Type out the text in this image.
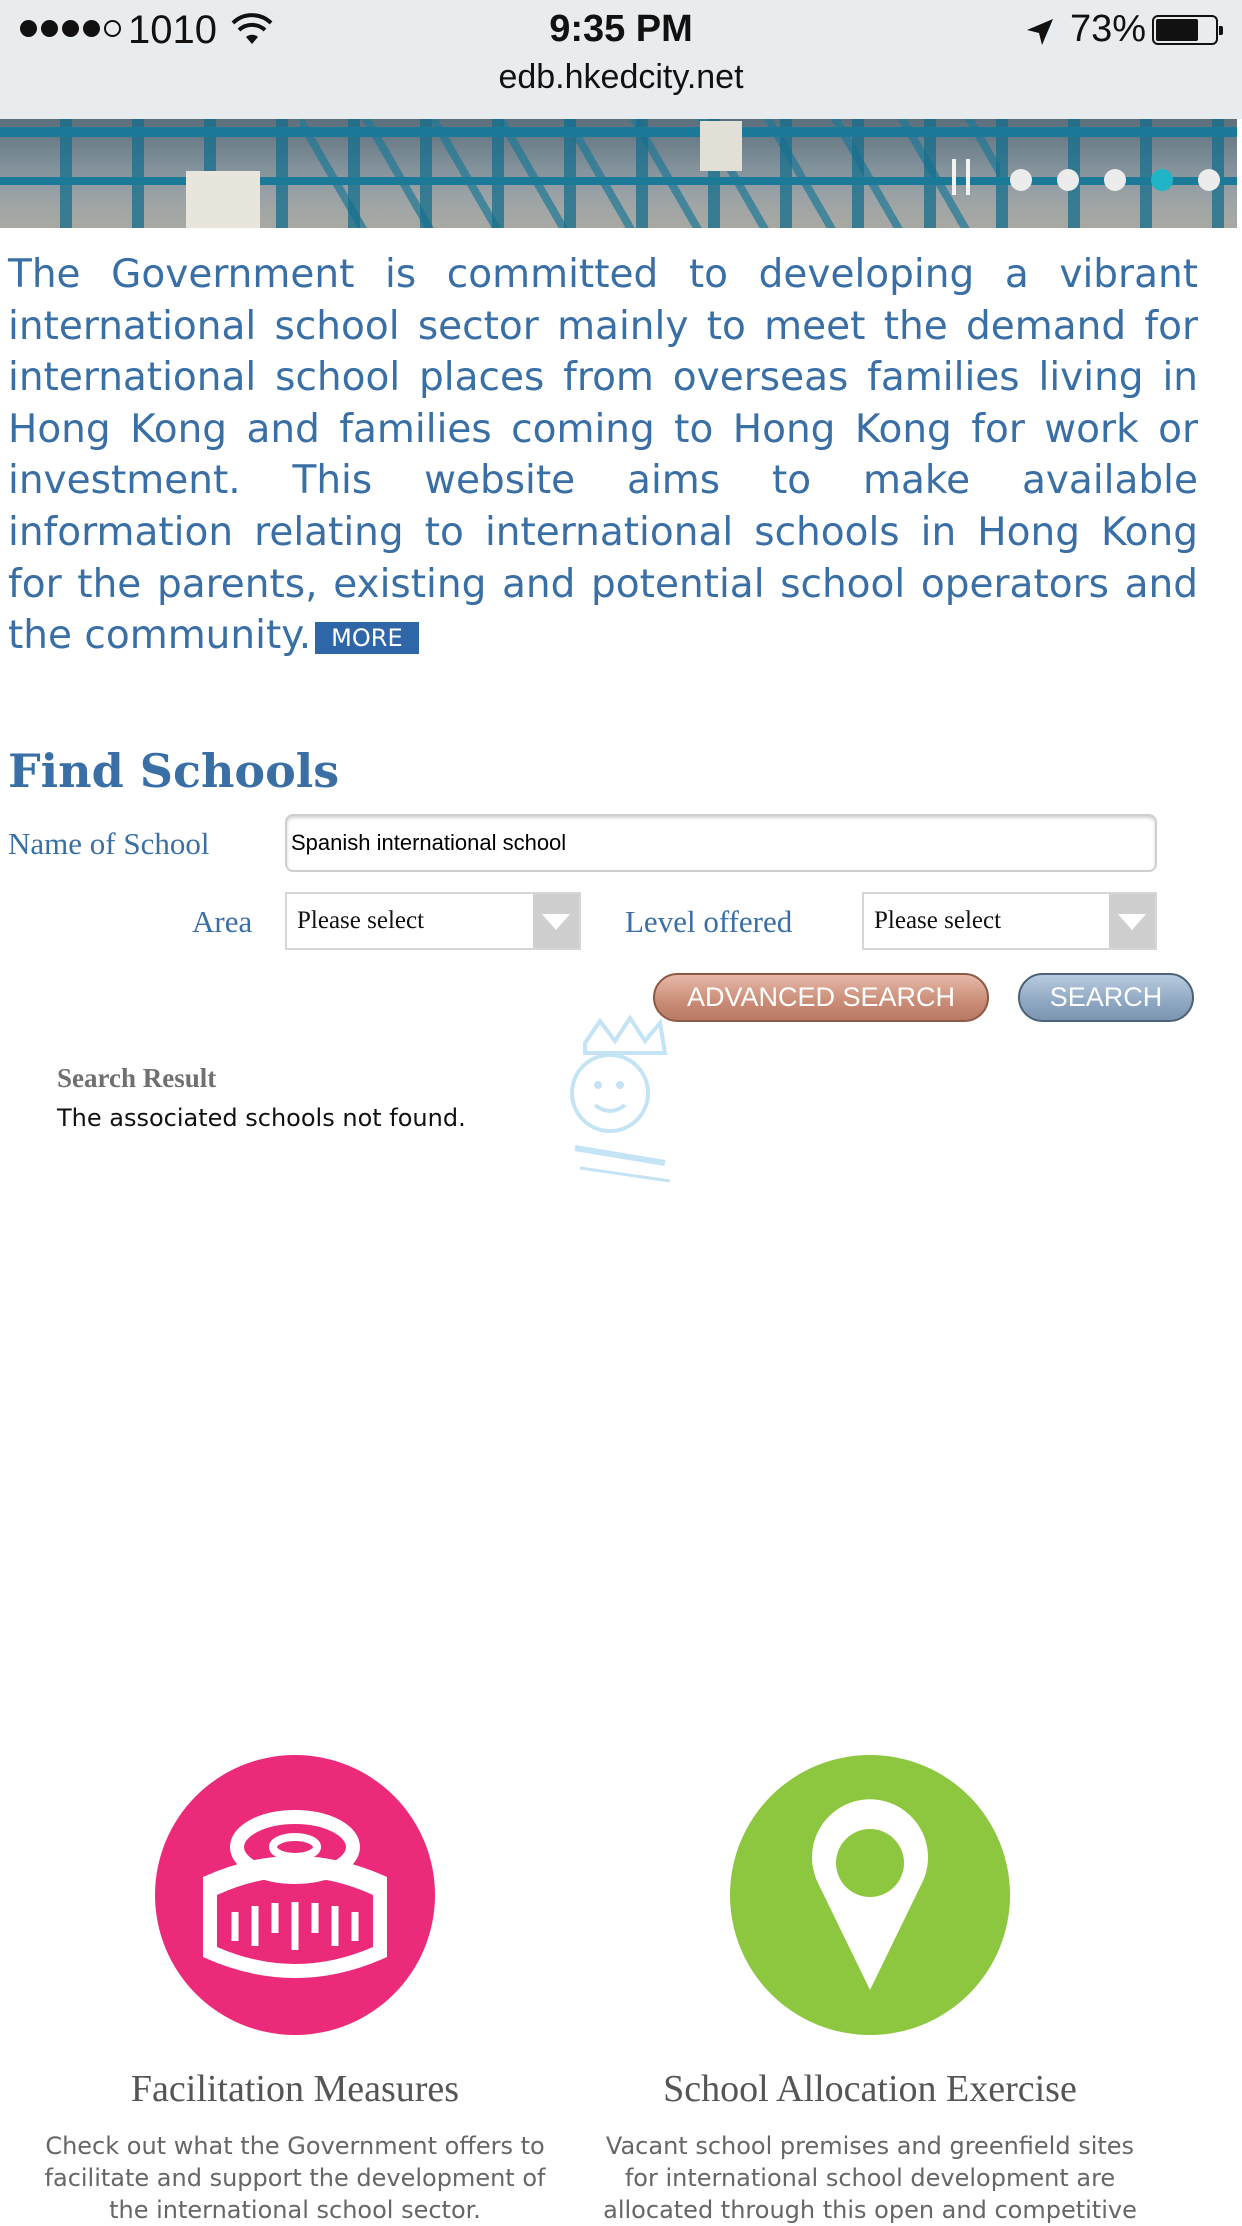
1010	9:35 PM	73%
edb.hkedcity.net
The Government is committed to developing a vibrant international school sector mainly to meet the demand for international school places from overseas families living in Hong Kong and families coming to Hong Kong for work or investment. This website aims to make available information relating to international schools in Hong Kong for the parents, existing and potential school operators and the community. MORE
Find Schools
Name of School
Spanish international school
Area Please select	Level offered	Please select
ADVANCED SEARCH	SEARCH
Search Result
The associated schools not found.
Facilitation Measures
Check out what the Government offers to facilitate and support the development of the international school sector.
School Allocation Exercise
Vacant school premises and greenfield sites for international school development are allocated through this open and competitive
